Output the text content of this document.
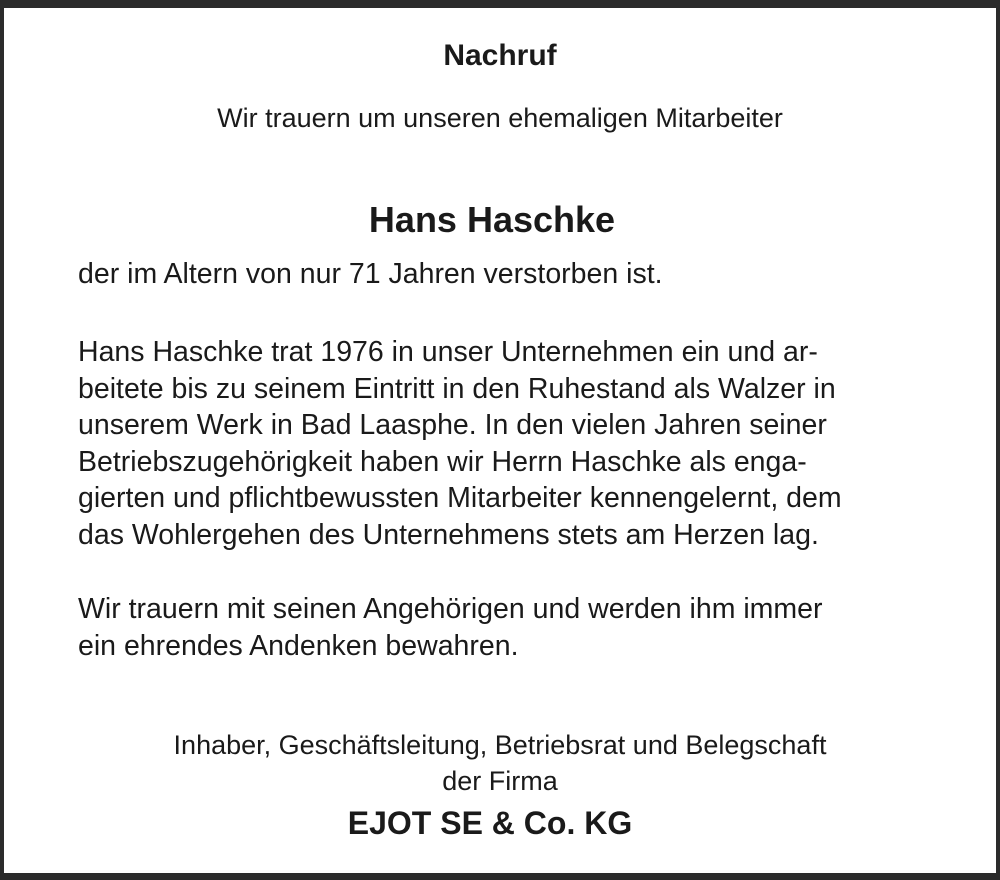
Nachruf

Wir trauern um unseren ehemaligen Mitarbeiter

Hans Haschke

der im Altern von nur 71 Jahren verstorben ist.

Hans Haschke trat 1976 in unser Unternehmen ein und ar-
beitete bis zu seinem Eintritt in den Ruhestand als Walzer in
unserem Werk in Bad Laasphe. In den vielen Jahren seiner
Betriebszugehörigkeit haben wir Herrn Haschke als enga-
gierten und pflichtbewussten Mitarbeiter kennengelernt, dem
das Wohlergehen des Unternehmens stets am Herzen lag.
Wir trauern mit seinen Angehörigen und werden ihm immer
ein ehrendes Andenken bewahren.

Inhaber, Geschäftsleitung, Betriebsrat und Belegschaft

der Firma

EJOT SE & Co. KG
